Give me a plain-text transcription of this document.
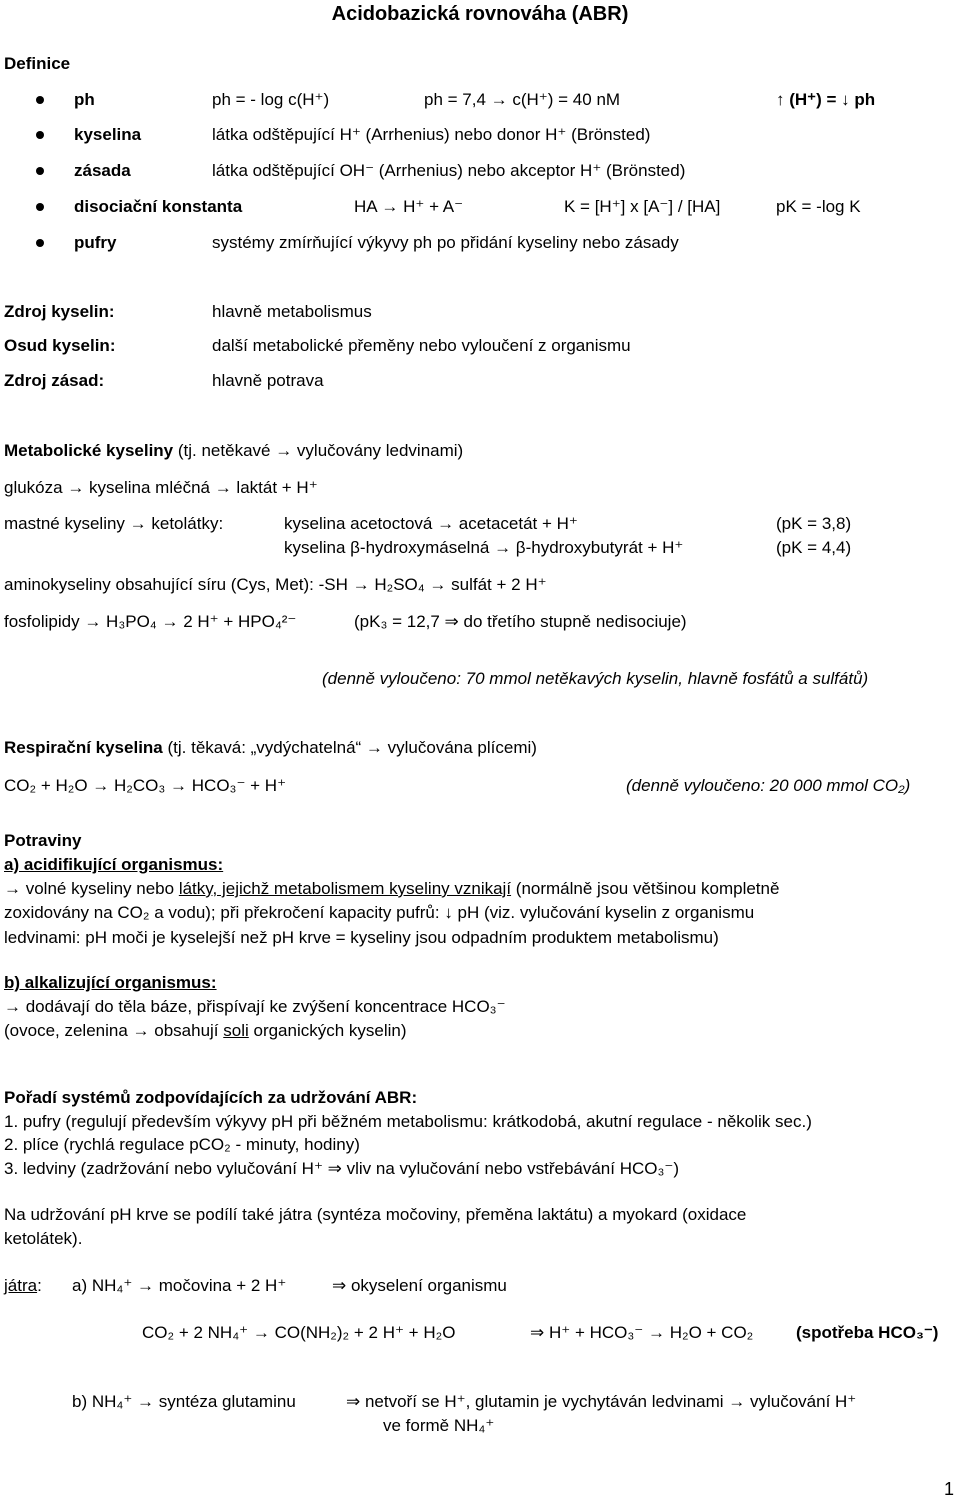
Acidobazická rovnováha (ABR)
Definice
ph	ph = - log c(H⁺)	ph = 7,4 → c(H⁺) = 40 nM	↑ (H⁺) = ↓ ph
kyselina	látka odštěpující H⁺ (Arrhenius) nebo donor H⁺ (Brönsted)
zásada	látka odštěpující OH⁻ (Arrhenius) nebo akceptor H⁺ (Brönsted)
disociační konstanta	HA → H⁺ + A⁻	K = [H⁺] x [A⁻] / [HA]	pK = -log K
pufry	systémy zmírňující výkyvy ph po přidání kyseliny nebo zásady
Zdroj kyselin:	hlavně metabolismus
Osud kyselin:	další metabolické přeměny nebo vyloučení z organismu
Zdroj zásad:	hlavně potrava
Metabolické kyseliny (tj. netěkavé → vylučovány ledvinami)
glukóza → kyselina mléčná → laktát + H⁺
mastné kyseliny → ketolátky:	kyselina acetoctová → acetacetát + H⁺	(pK = 3,8)
kyselina β-hydroxymáselná → β-hydroxybutyrát + H⁺	(pK = 4,4)
aminokyseliny obsahující síru (Cys, Met): -SH → H₂SO₄ → sulfát + 2 H⁺
fosfolipidy → H₃PO₄ → 2 H⁺ + HPO₄²⁻	(pK₃ = 12,7 ⇒ do třetího stupně nedisociuje)
(denně vyloučeno: 70 mmol netěkavých kyselin, hlavně fosfátů a sulfátů)
Respirační kyselina (tj. těkavá: „vydýchatelná“ → vylučována plícemi)
CO₂ + H₂O → H₂CO₃ → HCO₃⁻ + H⁺	(denně vyloučeno: 20 000 mmol CO₂)
Potraviny
a) acidifikující organismus:
→ volné kyseliny nebo látky, jejichž metabolismem kyseliny vznikají (normálně jsou většinou kompletně
zoxidovány na CO₂ a vodu); při překročení kapacity pufrů: ↓ pH (viz. vylučování kyselin z organismu
ledvinami: pH moči je kyselejší než pH krve = kyseliny jsou odpadním produktem metabolismu)
b) alkalizující organismus:
→ dodávají do těla báze, přispívají ke zvýšení koncentrace HCO₃⁻
(ovoce, zelenina → obsahují soli organických kyselin)
Pořadí systémů zodpovídajících za udržování ABR:
1. pufry (regulují především výkyvy pH při běžném metabolismu: krátkodobá, akutní regulace - několik sec.)
2. plíce (rychlá regulace pCO₂ - minuty, hodiny)
3. ledviny (zadržování nebo vylučování H⁺ ⇒ vliv na vylučování nebo vstřebávání HCO₃⁻)
Na udržování pH krve se podílí také játra (syntéza močoviny, přeměna laktátu) a myokard (oxidace
ketolátek).
játra: a) NH₄⁺ → močovina + 2 H⁺	⇒ okyselení organismu
CO₂ + 2 NH₄⁺ → CO(NH₂)₂ + 2 H⁺ + H₂O	⇒ H⁺ + HCO₃⁻ → H₂O + CO₂	(spotřeba HCO₃⁻)
b) NH₄⁺ → syntéza glutaminu	⇒ netvoří se H⁺, glutamin je vychytáván ledvinami → vylučování H⁺
ve formě NH₄⁺
1
